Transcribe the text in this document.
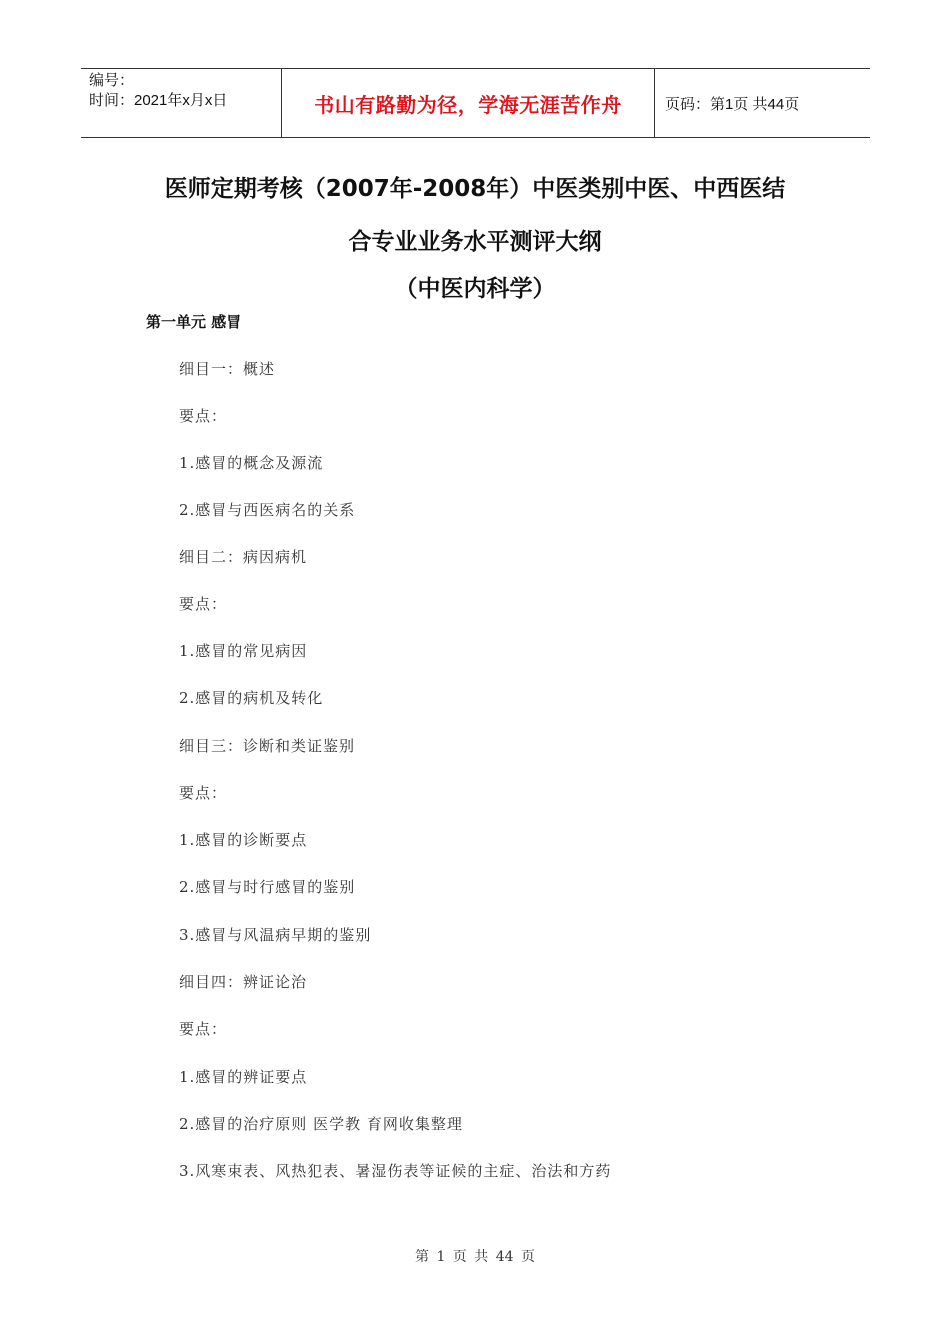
编号：
时间：2021年x月x日	书山有路勤为径，学海无涯苦作舟	页码：第1页 共44页
医师定期考核（2007年-2008年）中医类别中医、中西医结
合专业业务水平测评大纲
（中医内科学）
第一单元 感冒
细目一：概述
要点：
1.感冒的概念及源流
2.感冒与西医病名的关系
细目二：病因病机
要点：
1.感冒的常见病因
2.感冒的病机及转化
细目三：诊断和类证鉴别
要点：
1.感冒的诊断要点
2.感冒与时行感冒的鉴别
3.感冒与风温病早期的鉴别
细目四：辨证论治
要点：
1.感冒的辨证要点
2.感冒的治疗原则 医学教 育网收集整理
3.风寒束表、风热犯表、暑湿伤表等证候的主症、治法和方药
第 1 页 共 44 页
